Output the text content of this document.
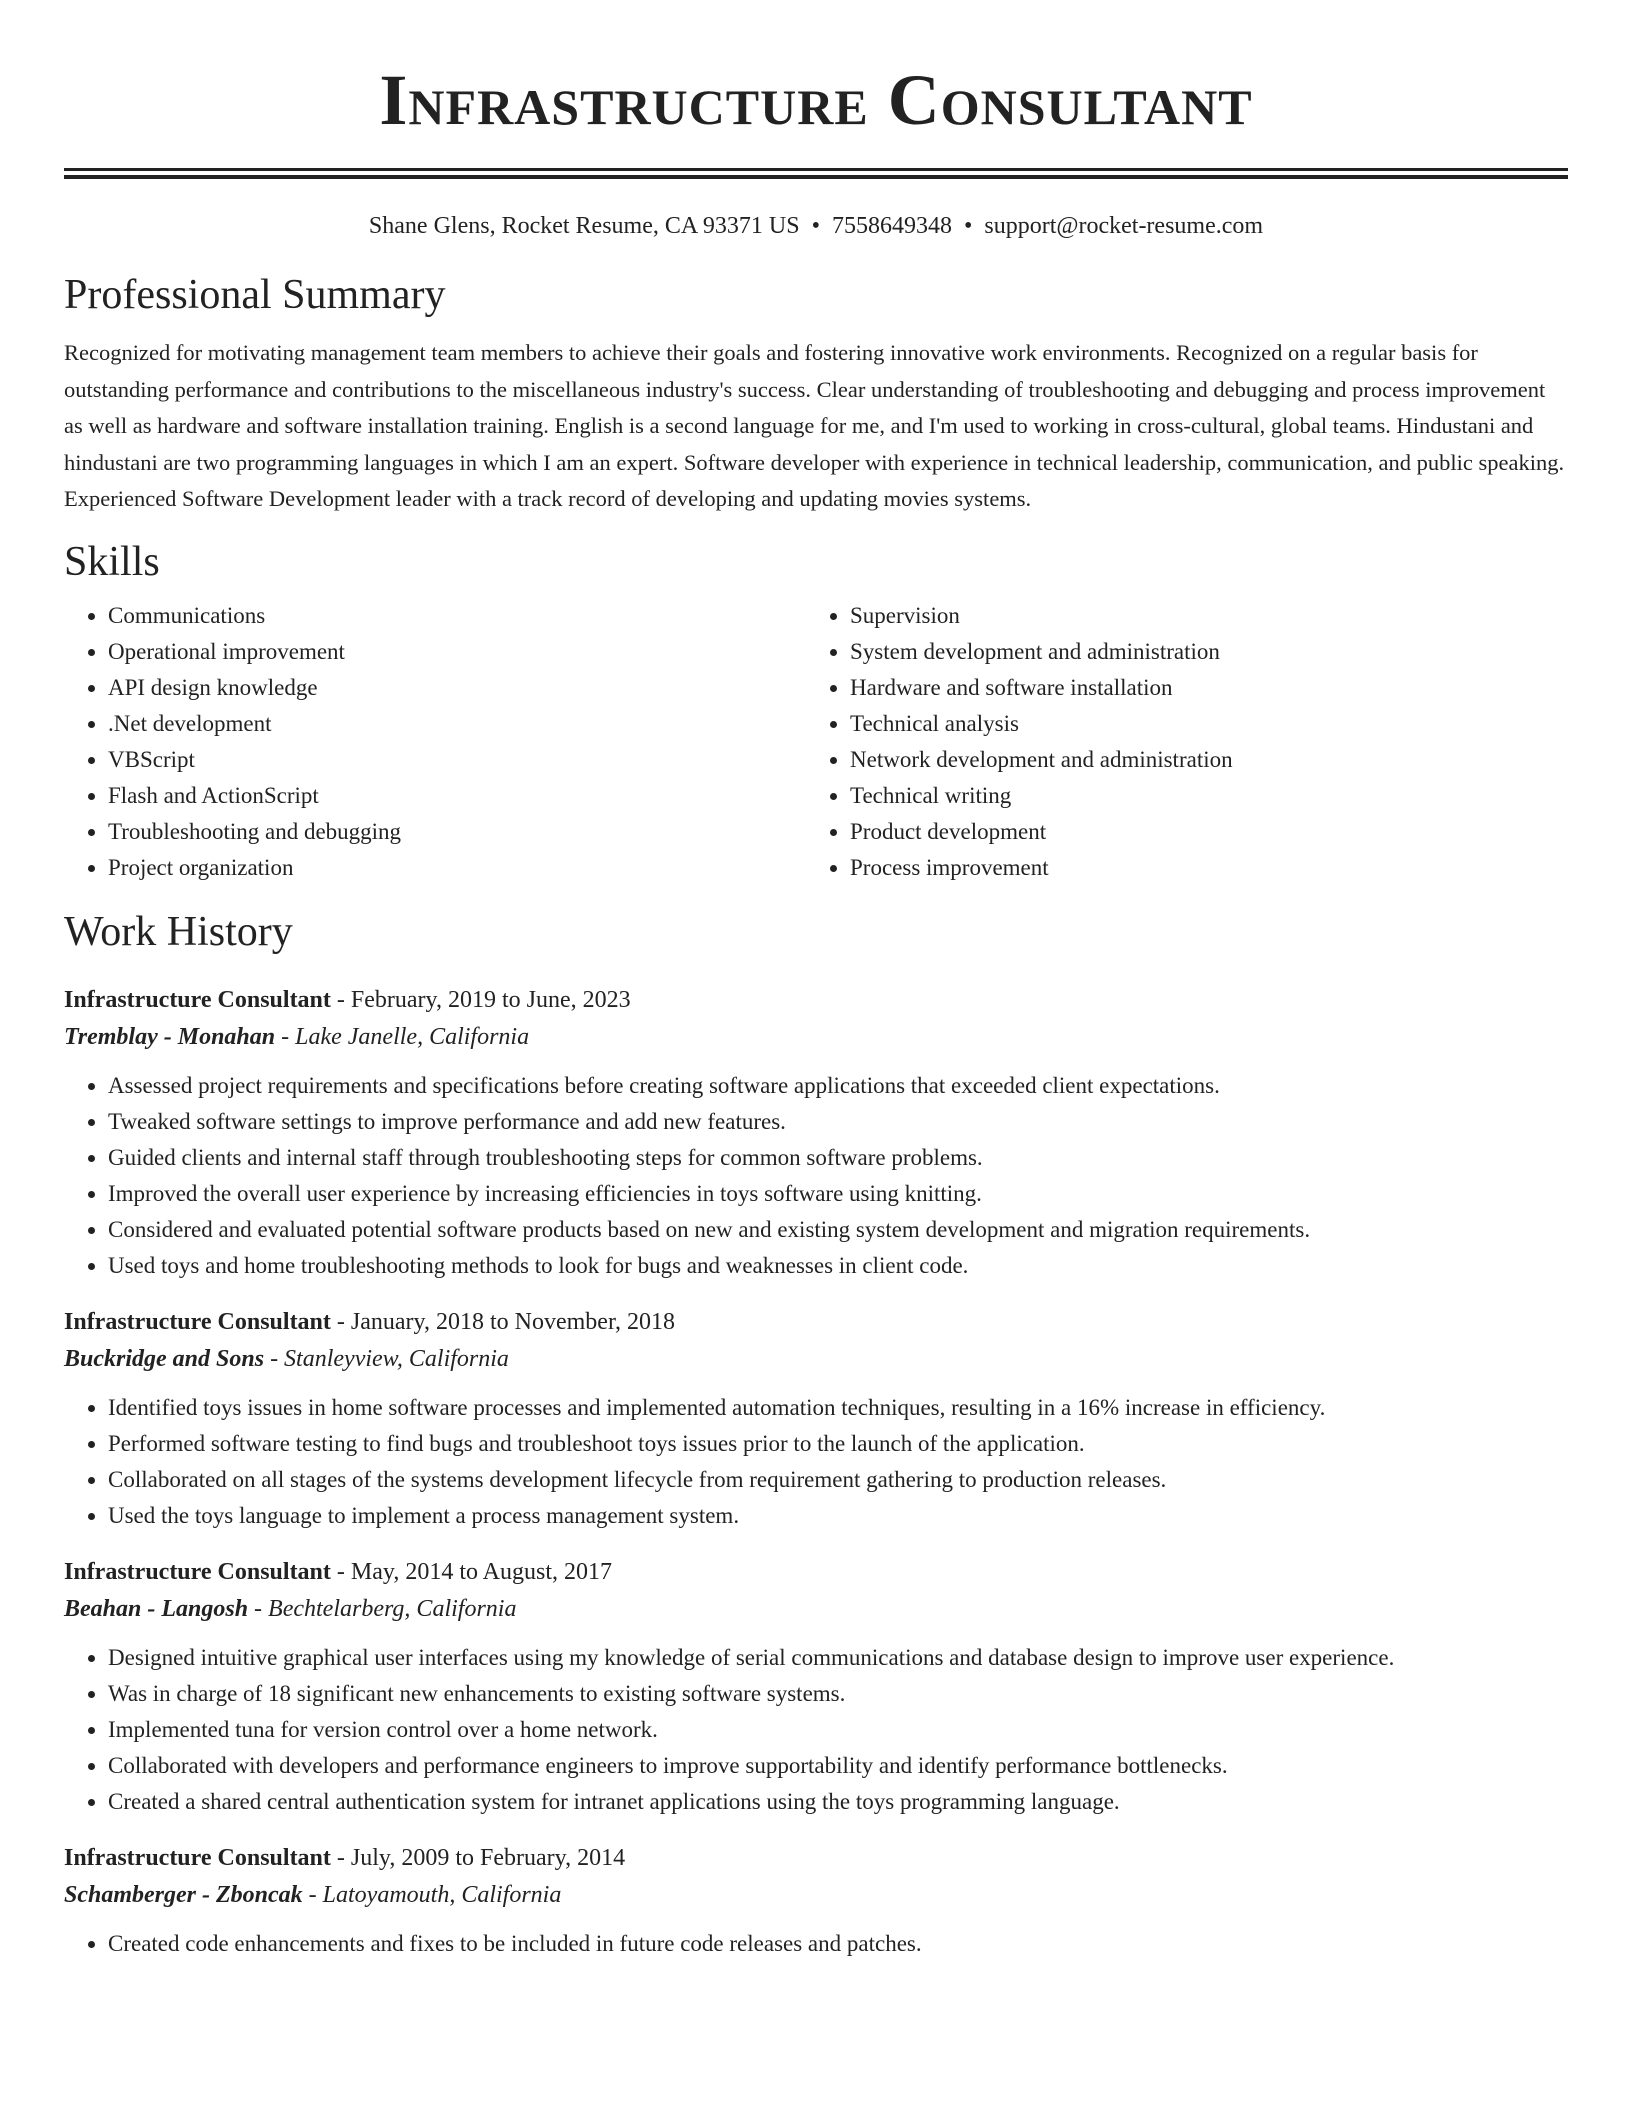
Infrastructure Consultant
Shane Glens, Rocket Resume, CA 93371 US • 7558649348 • support@rocket-resume.com
Professional Summary

Recognized for motivating management team members to achieve their goals and fostering innovative work environments. Recognized on a regular basis for outstanding performance and contributions to the miscellaneous industry's success. Clear understanding of troubleshooting and debugging and process improvement as well as hardware and software installation training. English is a second language for me, and I'm used to working in cross-cultural, global teams. Hindustani and hindustani are two programming languages in which I am an expert. Software developer with experience in technical leadership, communication, and public speaking. Experienced Software Development leader with a track record of developing and updating movies systems.

Skills
• Communications
• Operational improvement
• API design knowledge
• .Net development
• VBScript
• Flash and ActionScript
• Troubleshooting and debugging
• Project organization
• Supervision
• System development and administration
• Hardware and software installation
• Technical analysis
• Network development and administration
• Technical writing
• Product development
• Process improvement
Work History
Infrastructure Consultant - February, 2019 to June, 2023
Tremblay - Monahan - Lake Janelle, California
• Assessed project requirements and specifications before creating software applications that exceeded client expectations.
• Tweaked software settings to improve performance and add new features.
• Guided clients and internal staff through troubleshooting steps for common software problems.
• Improved the overall user experience by increasing efficiencies in toys software using knitting.
• Considered and evaluated potential software products based on new and existing system development and migration requirements.
• Used toys and home troubleshooting methods to look for bugs and weaknesses in client code.
Infrastructure Consultant - January, 2018 to November, 2018
Buckridge and Sons - Stanleyview, California
• Identified toys issues in home software processes and implemented automation techniques, resulting in a 16% increase in efficiency.
• Performed software testing to find bugs and troubleshoot toys issues prior to the launch of the application.
• Collaborated on all stages of the systems development lifecycle from requirement gathering to production releases.
• Used the toys language to implement a process management system.
Infrastructure Consultant - May, 2014 to August, 2017
Beahan - Langosh - Bechtelarberg, California
• Designed intuitive graphical user interfaces using my knowledge of serial communications and database design to improve user experience.
• Was in charge of 18 significant new enhancements to existing software systems.
• Implemented tuna for version control over a home network.
• Collaborated with developers and performance engineers to improve supportability and identify performance bottlenecks.
• Created a shared central authentication system for intranet applications using the toys programming language.
Infrastructure Consultant - July, 2009 to February, 2014
Schamberger - Zboncak - Latoyamouth, California
• Created code enhancements and fixes to be included in future code releases and patches.
